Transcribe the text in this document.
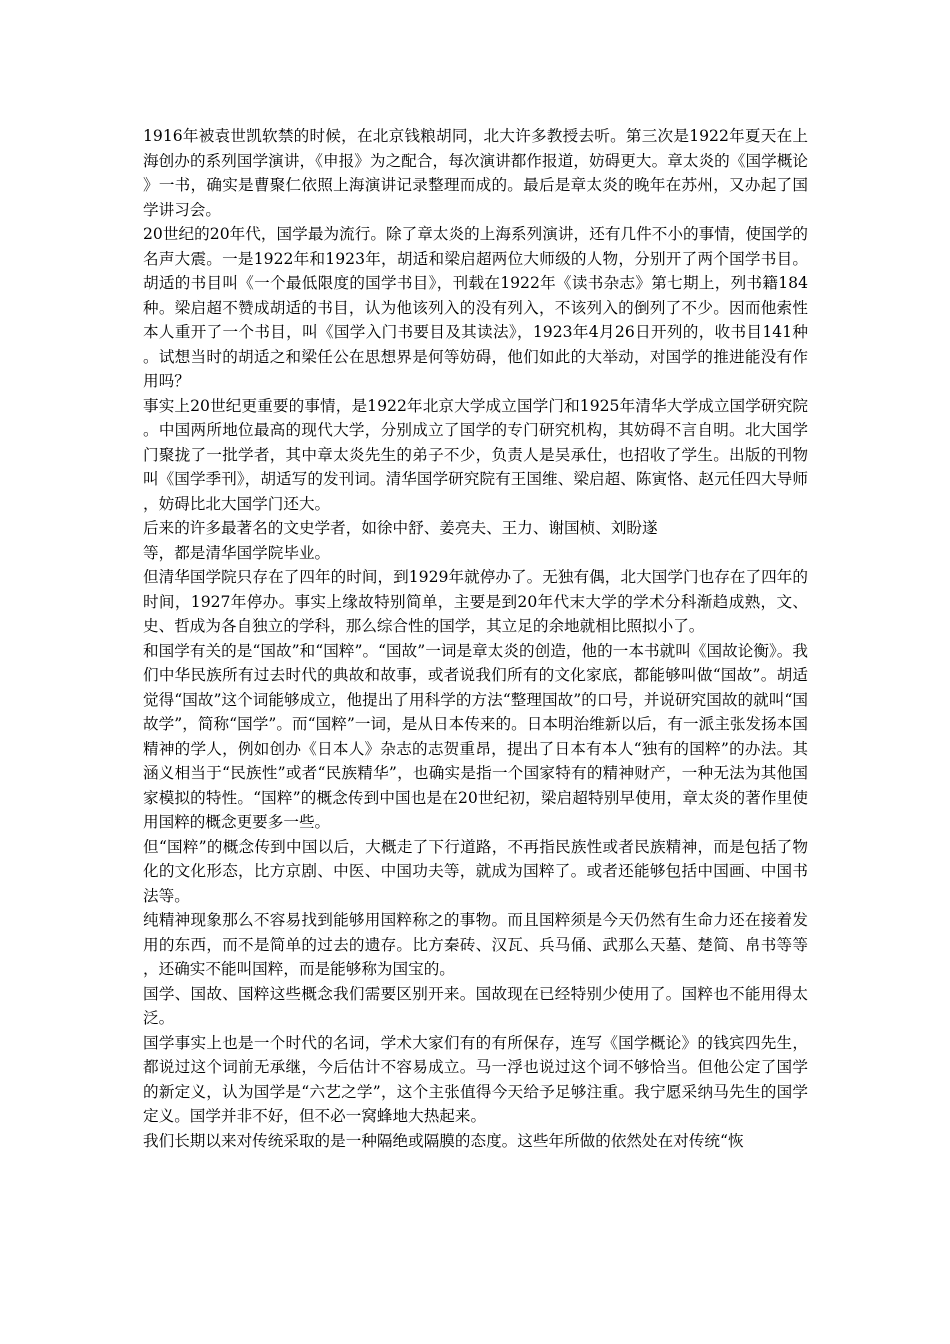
1916年被袁世凯软禁的时候，在北京钱粮胡同，北大许多教授去听。第三次是1922年夏天在上海创办的系列国学演讲，《申报》为之配合，每次演讲都作报道，妨碍更大。章太炎的《国学概论》一书，确实是曹聚仁依照上海演讲记录整理而成的。最后是章太炎的晚年在苏州，又办起了国学讲习会。

20世纪的20年代，国学最为流行。除了章太炎的上海系列演讲，还有几件不小的事情，使国学的名声大震。一是1922年和1923年，胡适和梁启超两位大师级的人物，分别开了两个国学书目。胡适的书目叫《一个最低限度的国学书目》，刊载在1922年《读书杂志》第七期上，列书籍184种。梁启超不赞成胡适的书目，认为他该列入的没有列入，不该列入的倒列了不少。因而他索性本人重开了一个书目，叫《国学入门书要目及其读法》，1923年4月26日开列的，收书目141种。试想当时的胡适之和梁任公在思想界是何等妨碍，他们如此的大举动，对国学的推进能没有作用吗？

事实上20世纪更重要的事情，是1922年北京大学成立国学门和1925年清华大学成立国学研究院。中国两所地位最高的现代大学，分别成立了国学的专门研究机构，其妨碍不言自明。北大国学门聚拢了一批学者，其中章太炎先生的弟子不少，负责人是吴承仕，也招收了学生。出版的刊物叫《国学季刊》，胡适写的发刊词。清华国学研究院有王国维、梁启超、陈寅恪、赵元任四大导师，妨碍比北大国学门还大。

后来的许多最著名的文史学者，如徐中舒、姜亮夫、王力、谢国桢、刘盼遂

等，都是清华国学院毕业。

但清华国学院只存在了四年的时间，到1929年就停办了。无独有偶，北大国学门也存在了四年的时间，1927年停办。事实上缘故特别简单，主要是到20年代末大学的学术分科渐趋成熟，文、史、哲成为各自独立的学科，那么综合性的国学，其立足的余地就相比照拟小了。

和国学有关的是“国故”和“国粹”。“国故”一词是章太炎的创造，他的一本书就叫《国故论衡》。我们中华民族所有过去时代的典故和故事，或者说我们所有的文化家底，都能够叫做“国故”。胡适觉得“国故”这个词能够成立，他提出了用科学的方法“整理国故”的口号，并说研究国故的就叫“国故学”，简称“国学”。而“国粹”一词，是从日本传来的。日本明治维新以后，有一派主张发扬本国精神的学人，例如创办《日本人》杂志的志贺重昂，提出了日本有本人“独有的国粹”的办法。其涵义相当于“民族性”或者“民族精华”，也确实是指一个国家特有的精神财产，一种无法为其他国家模拟的特性。“国粹”的概念传到中国也是在20世纪初，梁启超特别早使用，章太炎的著作里使用国粹的概念更要多一些。

但“国粹”的概念传到中国以后，大概走了下行道路，不再指民族性或者民族精神，而是包括了物化的文化形态，比方京剧、中医、中国功夫等，就成为国粹了。或者还能够包括中国画、中国书法等。

纯精神现象那么不容易找到能够用国粹称之的事物。而且国粹须是今天仍然有生命力还在接着发用的东西，而不是简单的过去的遗存。比方秦砖、汉瓦、兵马俑、武那么天墓、楚简、帛书等等，还确实不能叫国粹，而是能够称为国宝的。

国学、国故、国粹这些概念我们需要区别开来。国故现在已经特别少使用了。国粹也不能用得太泛。

国学事实上也是一个时代的名词，学术大家们有的有所保存，连写《国学概论》的钱宾四先生，都说过这个词前无承继，今后估计不容易成立。马一浮也说过这个词不够恰当。但他公定了国学的新定义，认为国学是“六艺之学”，这个主张值得今天给予足够注重。我宁愿采纳马先生的国学定义。国学并非不好，但不必一窝蜂地大热起来。

我们长期以来对传统采取的是一种隔绝或隔膜的态度。这些年所做的依然处在对传统“恢
